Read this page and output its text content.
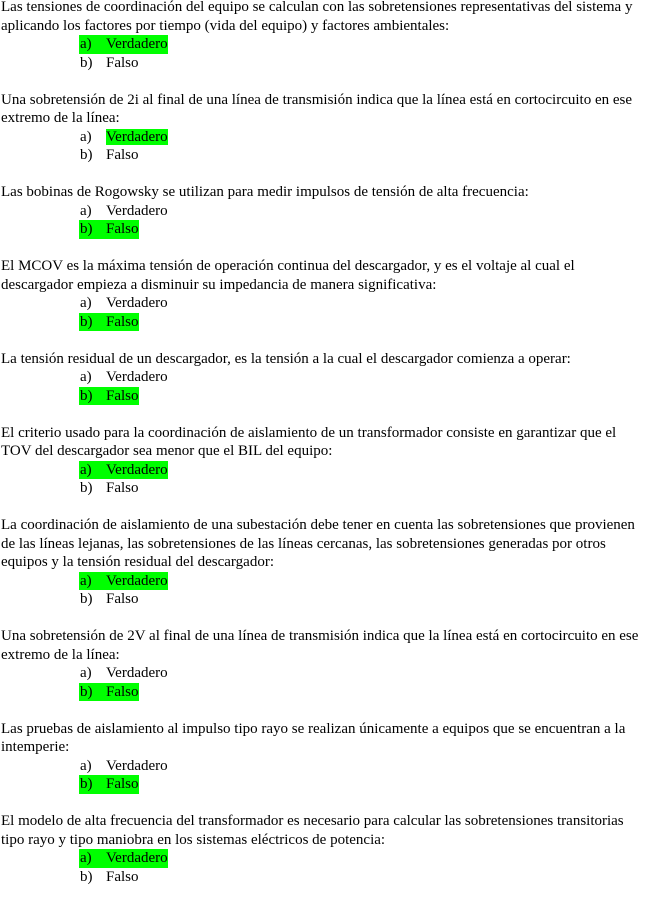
Las tensiones de coordinación del equipo se calculan con las sobretensiones representativas del sistema y aplicando los factores por tiempo (vida del equipo) y factores ambientales:
a) Verdadero
b) Falso
Una sobretensión de 2i al final de una línea de transmisión indica que la línea está en cortocircuito en ese extremo de la línea:
a) Verdadero
b) Falso
Las bobinas de Rogowsky se utilizan para medir impulsos de tensión de alta frecuencia:
a) Verdadero
b) Falso
El MCOV es la máxima tensión de operación continua del descargador, y es el voltaje al cual el descargador empieza a disminuir su impedancia de manera significativa:
a) Verdadero
b) Falso
La tensión residual de un descargador, es la tensión a la cual el descargador comienza a operar:
a) Verdadero
b) Falso
El criterio usado para la coordinación de aislamiento de un transformador consiste en garantizar que el TOV del descargador sea menor que el BIL del equipo:
a) Verdadero
b) Falso
La coordinación de aislamiento de una subestación debe tener en cuenta las sobretensiones que provienen de las líneas lejanas, las sobretensiones de las líneas cercanas, las sobretensiones generadas por otros equipos y la tensión residual del descargador:
a) Verdadero
b) Falso
Una sobretensión de 2V al final de una línea de transmisión indica que la línea está en cortocircuito en ese extremo de la línea:
a) Verdadero
b) Falso
Las pruebas de aislamiento al impulso tipo rayo se realizan únicamente a equipos que se encuentran a la intemperie:
a) Verdadero
b) Falso
El modelo de alta frecuencia del transformador es necesario para calcular las sobretensiones transitorias tipo rayo y tipo maniobra en los sistemas eléctricos de potencia:
a) Verdadero
b) Falso
